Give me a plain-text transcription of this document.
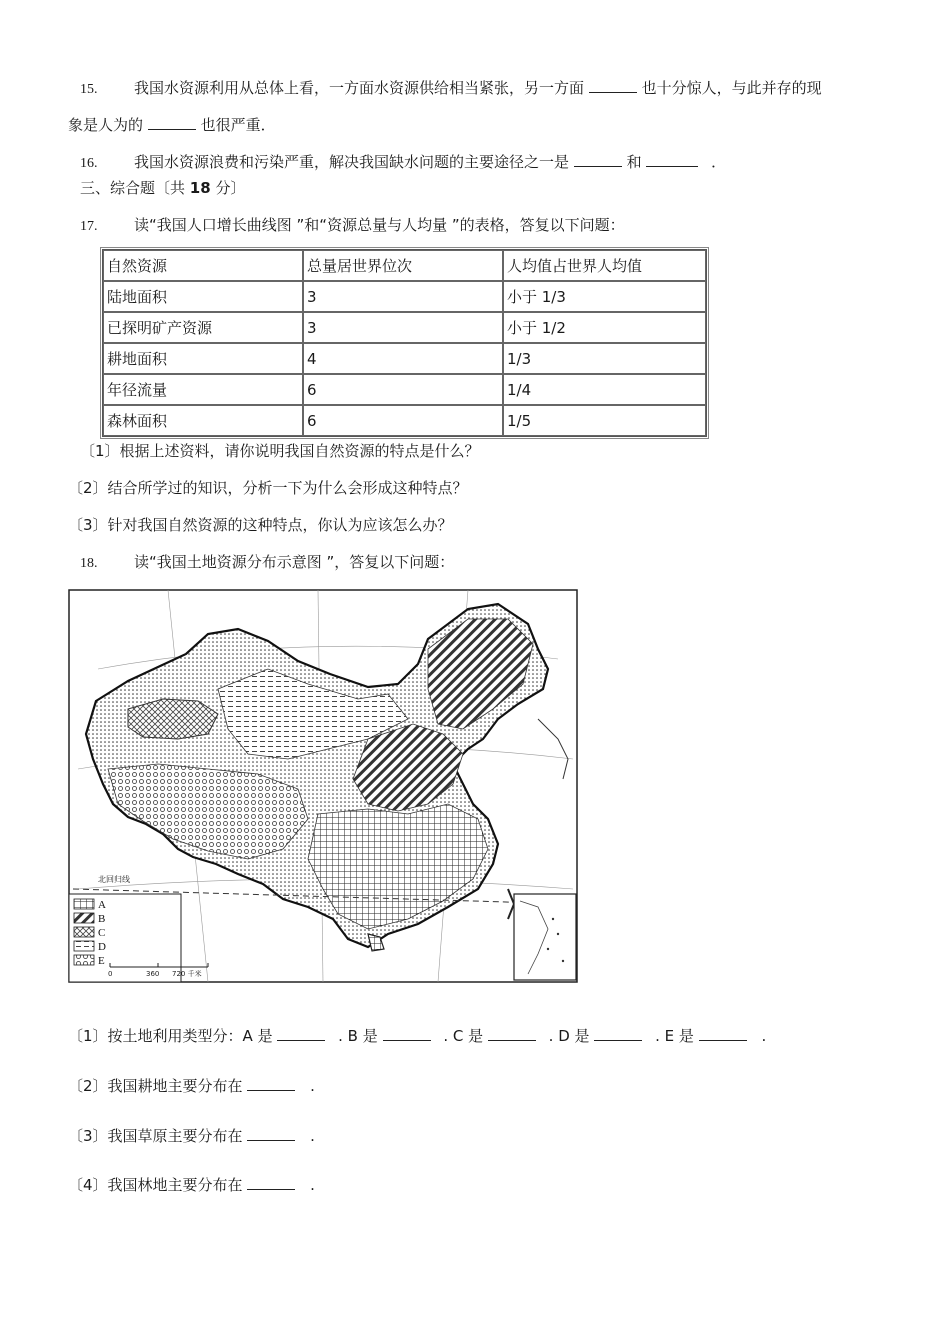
15. 我国水资源利用从总体上看，一方面水资源供给相当紧张，另一方面	也十分惊人，与此并存的现
象是人为的	也很严重．
16. 我国水资源浪费和污染严重，解决我国缺水问题的主要途径之一是	和	．
三、综合题〔共 18 分〕
17. 读“我国人口增长曲线图 ”和“资源总量与人均量 ”的表格，答复以下问题：
自然资源	总量居世界位次	人均值占世界人均值
陆地面积	3	小于 1/3
已探明矿产资源	3	小于 1/2
耕地面积	4	1/3
年径流量	6	1/4
森林面积	6	1/5
〔1〕根据上述资料，请你说明我国自然资源的特点是什么？
〔2〕结合所学过的知识，分析一下为什么会形成这种特点？
〔3〕针对我国自然资源的这种特点，你认为应该怎么办？
18. 读“我国土地资源分布示意图 ”，答复以下问题：
北回归线
A
B
C
D
E
0	360 720 千米
〔1〕按土地利用类型分：A 是	. B 是	. C 是	. D 是	. E 是	.
〔2〕我国耕地主要分布在	.
〔3〕我国草原主要分布在	.
〔4〕我国林地主要分布在	.
